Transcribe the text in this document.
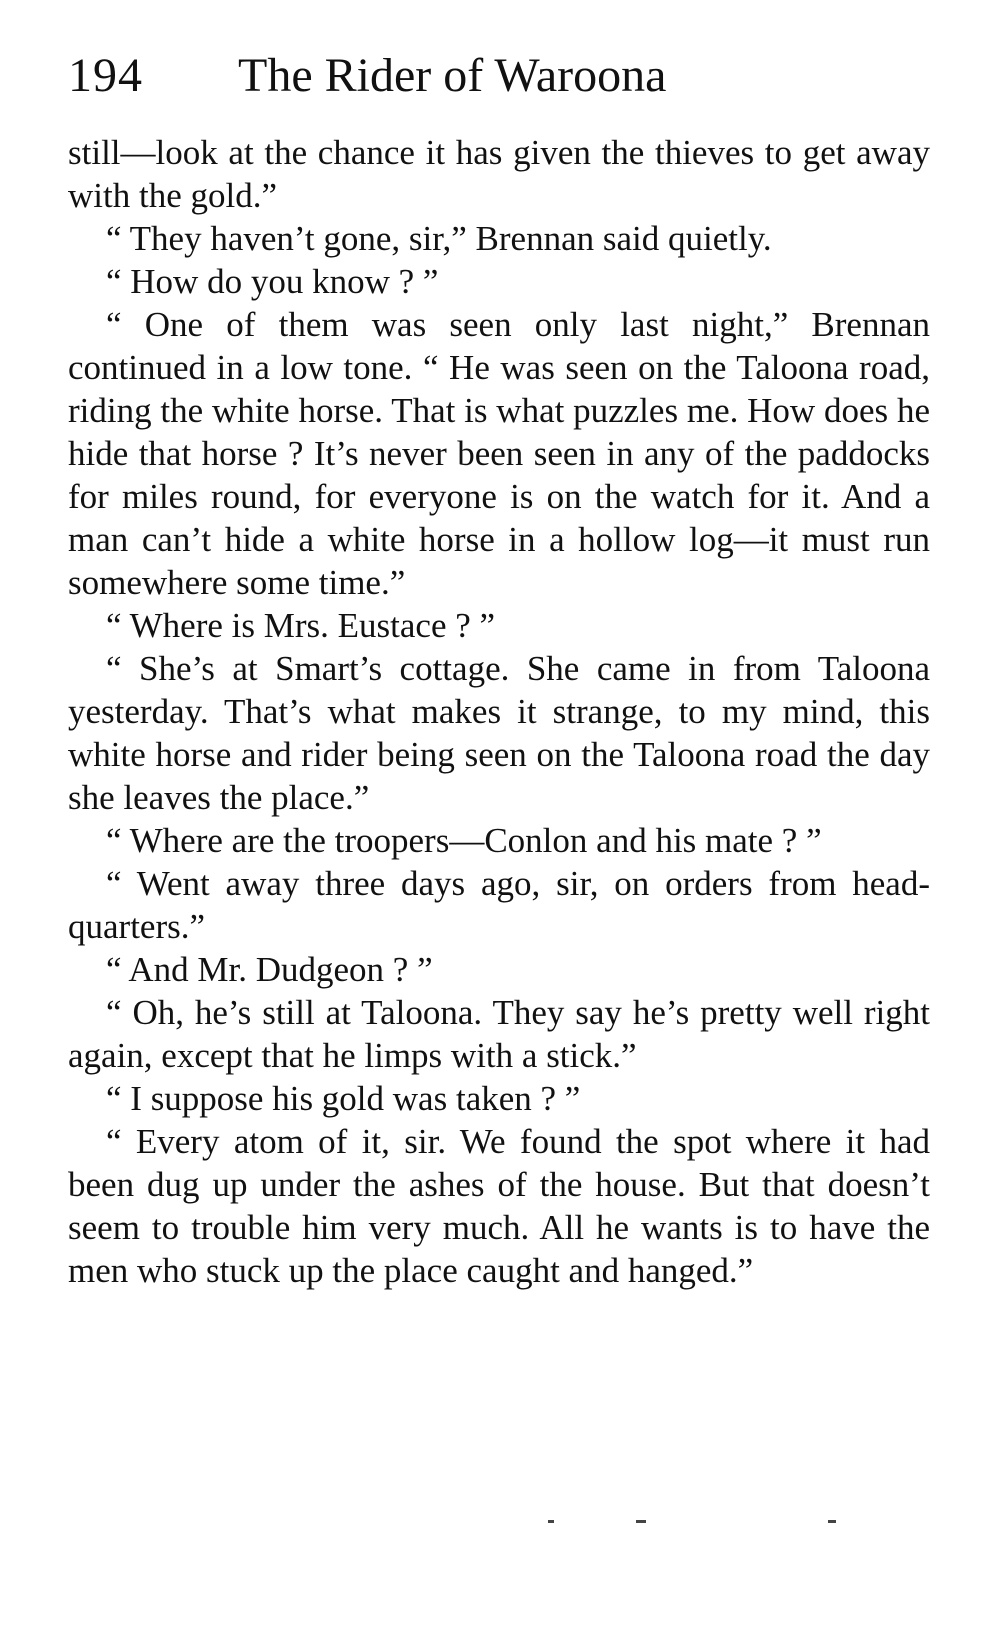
194 The Rider of Waroona

still—look at the chance it has given the thieves to get away with the gold.”

“ They haven’t gone, sir,” Brennan said quietly.

“ How do you know ? ”

“ One of them was seen only last night,” Brennan continued in a low tone. “ He was seen on the Taloona road, riding the white horse. That is what puzzles me. How does he hide that horse ? It’s never been seen in any of the paddocks for miles round, for everyone is on the watch for it. And a man can’t hide a white horse in a hollow log—it must run somewhere some time.”

“ Where is Mrs. Eustace ? ”

“ She’s at Smart’s cottage. She came in from Taloona yesterday. That’s what makes it strange, to my mind, this white horse and rider being seen on the Taloona road the day she leaves the place.”

“ Where are the troopers—Conlon and his mate ? ”

“ Went away three days ago, sir, on orders from head-quarters.”

“ And Mr. Dudgeon ? ”

“ Oh, he’s still at Taloona. They say he’s pretty well right again, except that he limps with a stick.”

“ I suppose his gold was taken ? ”

“ Every atom of it, sir. We found the spot where it had been dug up under the ashes of the house. But that doesn’t seem to trouble him very much. All he wants is to have the men who stuck up the place caught and hanged.”
